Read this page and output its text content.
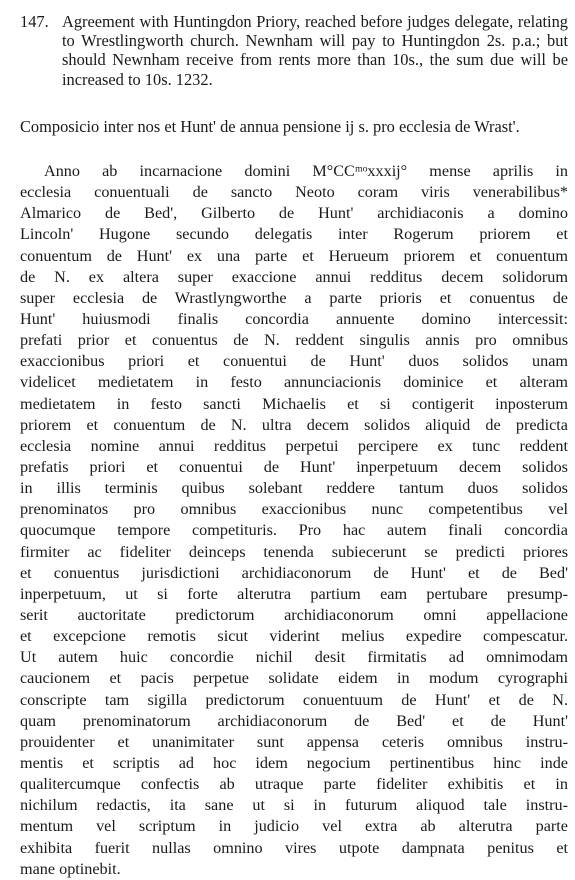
147. Agreement with Huntingdon Priory, reached before judges delegate, relating to Wrestlingworth church. Newnham will pay to Huntingdon 2s. p.a.; but should Newnham receive from rents more than 10s., the sum due will be increased to 10s. 1232.
Composicio inter nos et Hunt' de annua pensione ij s. pro ecclesia de Wrast'.
Anno ab incarnacione domini M°CCᵐᵒxxxij° mense aprilis in
ecclesia conuentuali de sancto Neoto coram viris venerabilibus*
Almarico de Bed', Gilberto de Hunt' archidiaconis a domino
Lincoln' Hugone secundo delegatis inter Rogerum priorem et
conuentum de Hunt' ex una parte et Herueum priorem et conuentum
de N. ex altera super exaccione annui redditus decem solidorum
super ecclesia de Wrastlyngworthe a parte prioris et conuentus de
Hunt' huiusmodi finalis concordia annuente domino intercessit:
prefati prior et conuentus de N. reddent singulis annis pro omnibus
exaccionibus priori et conuentui de Hunt' duos solidos unam
videlicet medietatem in festo annunciacionis dominice et alteram
medietatem in festo sancti Michaelis et si contigerit inposterum
priorem et conuentum de N. ultra decem solidos aliquid de predicta
ecclesia nomine annui redditus perpetui percipere ex tunc reddent
prefatis priori et conuentui de Hunt' inperpetuum decem solidos
in illis terminis quibus solebant reddere tantum duos solidos
prenominatos pro omnibus exaccionibus nunc competentibus vel
quocumque tempore competituris. Pro hac autem finali concordia
firmiter ac fideliter deinceps tenenda subiecerunt se predicti priores
et conuentus jurisdictioni archidiaconorum de Hunt' et de Bed'
inperpetuum, ut si forte alterutra partium eam pertubare presump-
serit auctoritate predictorum archidiaconorum omni appellacione
et excepcione remotis sicut viderint melius expedire compescatur.
Ut autem huic concordie nichil desit firmitatis ad omnimodam
caucionem et pacis perpetue solidate eidem in modum cyrographi
conscripte tam sigilla predictorum conuentuum de Hunt' et de N.
quam prenominatorum archidiaconorum de Bed' et de Hunt'
prouidenter et unanimitater sunt appensa ceteris omnibus instru-
mentis et scriptis ad hoc idem negocium pertinentibus hinc inde
qualitercumque confectis ab utraque parte fideliter exhibitis et in
nichilum redactis, ita sane ut si in futurum aliquod tale instru-
mentum vel scriptum in judicio vel extra ab alterutra parte
exhibita fuerit nullas omnino vires utpote dampnata penitus et
mane optinebit.
